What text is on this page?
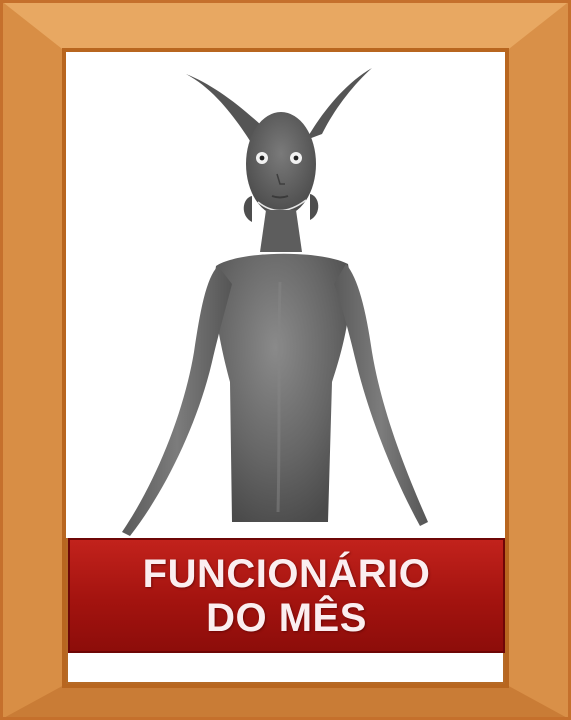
FUNCIONÁRIO
DO MÊS
